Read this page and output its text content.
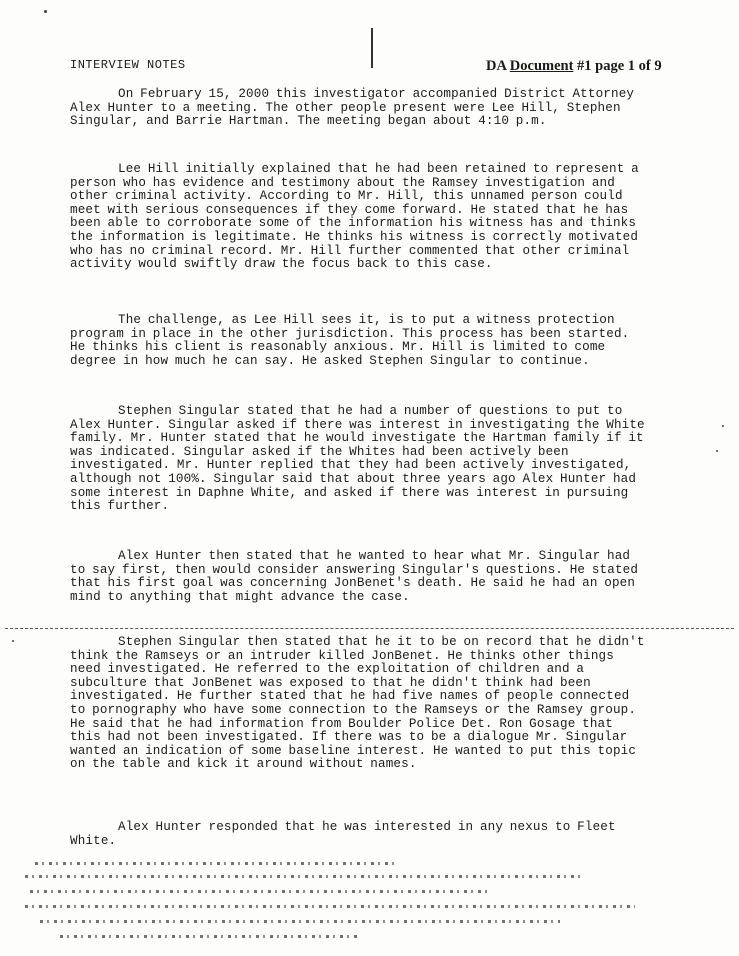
INTERVIEW NOTES	DA Document #1 page 1 of 9

On February 15, 2000 this investigator accompanied District Attorney Alex Hunter to a meeting. The other people present were Lee Hill, Stephen Singular, and Barrie Hartman. The meeting began about 4:10 p.m.

Lee Hill initially explained that he had been retained to represent a person who has evidence and testimony about the Ramsey investigation and other criminal activity. According to Mr. Hill, this unnamed person could meet with serious consequences if they come forward. He stated that he has been able to corroborate some of the information his witness has and thinks the information is legitimate. He thinks his witness is correctly motivated who has no criminal record. Mr. Hill further commented that other criminal activity would swiftly draw the focus back to this case.

The challenge, as Lee Hill sees it, is to put a witness protection program in place in the other jurisdiction. This process has been started. He thinks his client is reasonably anxious. Mr. Hill is limited to come degree in how much he can say. He asked Stephen Singular to continue.

Stephen Singular stated that he had a number of questions to put to Alex Hunter. Singular asked if there was interest in investigating the White family. Mr. Hunter stated that he would investigate the Hartman family if it was indicated. Singular asked if the Whites had been actively been investigated. Mr. Hunter replied that they had been actively investigated, although not 100%. Singular said that about three years ago Alex Hunter had some interest in Daphne White, and asked if there was interest in pursuing this further.

Alex Hunter then stated that he wanted to hear what Mr. Singular had to say first, then would consider answering Singular's questions. He stated that his first goal was concerning JonBenet's death. He said he had an open mind to anything that might advance the case.

Stephen Singular then stated that he it to be on record that he didn't think the Ramseys or an intruder killed JonBenet. He thinks other things need investigated. He referred to the exploitation of children and a subculture that JonBenet was exposed to that he didn't think had been investigated. He further stated that he had five names of people connected to pornography who have some connection to the Ramseys or the Ramsey group. He said that he had information from Boulder Police Det. Ron Gosage that this had not been investigated. If there was to be a dialogue Mr. Singular wanted an indication of some baseline interest. He wanted to put this topic on the table and kick it around without names.

Alex Hunter responded that he was interested in any nexus to Fleet White.
